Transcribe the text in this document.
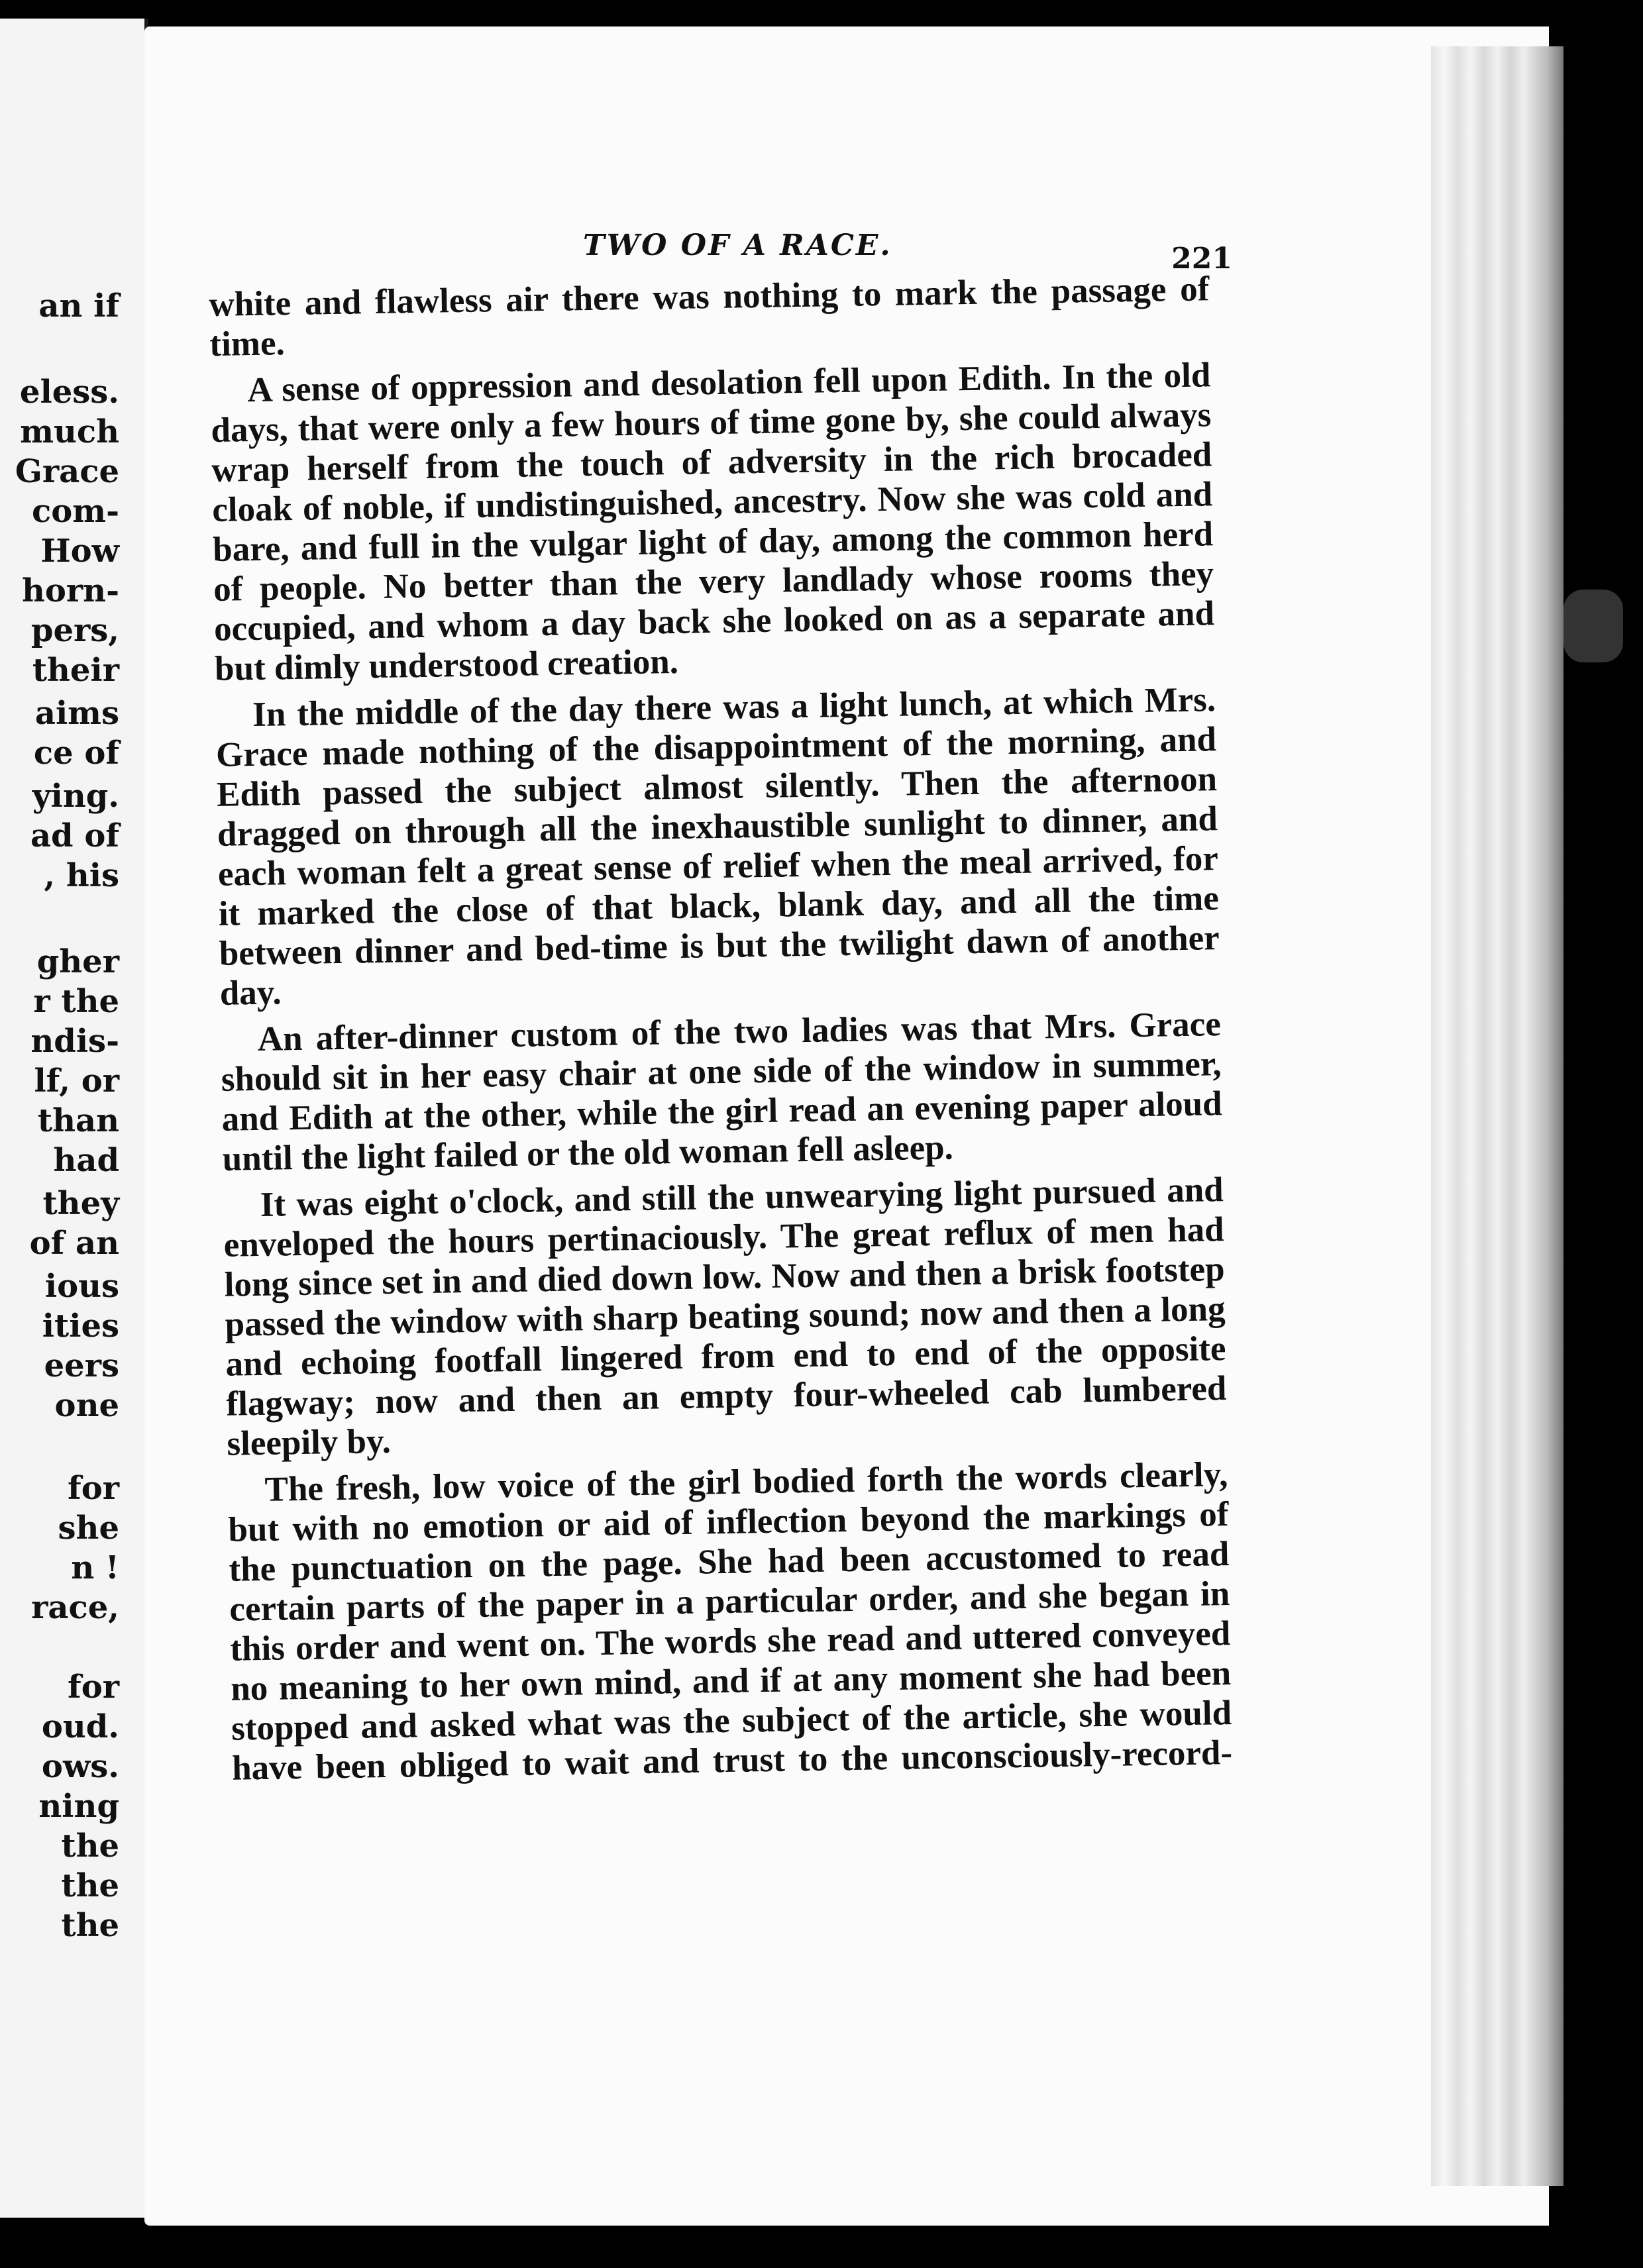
an if
eless.
much
Grace
com-
How
horn-
pers,
their
aims
ce of
ying.
ad of
, his
gher
r the
ndis-
lf, or
than
had
they
of an
ious
ities
eers
one
for
she
n !
race,
for
oud.
ows.
ning
the
the
the
TWO OF A RACE.	221

white and flawless air there was nothing to mark the passage of time.

A sense of oppression and desolation fell upon Edith. In the old days, that were only a few hours of time gone by, she could always wrap herself from the touch of adversity in the rich brocaded cloak of noble, if undistinguished, ancestry. Now she was cold and bare, and full in the vulgar light of day, among the common herd of people. No better than the very landlady whose rooms they occupied, and whom a day back she looked on as a separate and but dimly understood creation.

In the middle of the day there was a light lunch, at which Mrs. Grace made nothing of the disappointment of the morning, and Edith passed the subject almost silently. Then the afternoon dragged on through all the inexhaustible sunlight to dinner, and each woman felt a great sense of relief when the meal arrived, for it marked the close of that black, blank day, and all the time between dinner and bed-time is but the twilight dawn of another day.

An after-dinner custom of the two ladies was that Mrs. Grace should sit in her easy chair at one side of the window in summer, and Edith at the other, while the girl read an evening paper aloud until the light failed or the old woman fell asleep.

It was eight o'clock, and still the unwearying light pursued and enveloped the hours pertinaciously. The great reflux of men had long since set in and died down low. Now and then a brisk footstep passed the window with sharp beating sound; now and then a long and echoing footfall lingered from end to end of the opposite flagway; now and then an empty four-wheeled cab lumbered sleepily by.

The fresh, low voice of the girl bodied forth the words clearly, but with no emotion or aid of inflection beyond the markings of the punctuation on the page. She had been accustomed to read certain parts of the paper in a particular order, and she began in this order and went on. The words she read and uttered conveyed no meaning to her own mind, and if at any moment she had been stopped and asked what was the subject of the article, she would have been obliged to wait and trust to the unconsciously-record-
